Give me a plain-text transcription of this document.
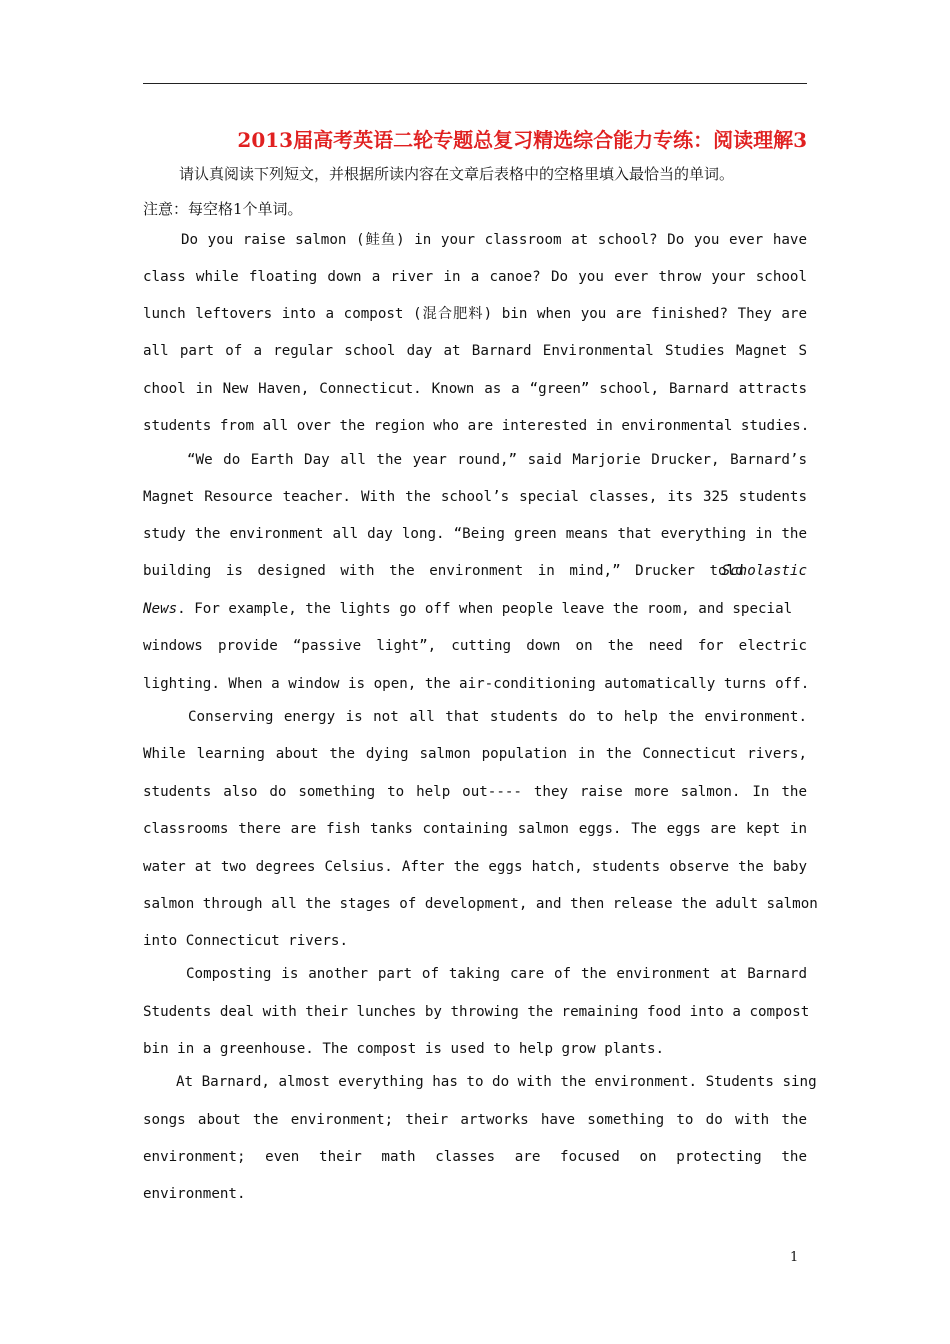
2013届高考英语二轮专题总复习精选综合能力专练：阅读理解3
请认真阅读下列短文，并根据所读内容在文章后表格中的空格里填入最恰当的单词。
注意：每空格1个单词。
Do you raise salmon (鲑鱼) in your classroom at school? Do you ever have
class while floating down a river in a canoe? Do you ever throw your school
lunch leftovers into a compost (混合肥料) bin when you are finished? They are
all part of a regular school day at Barnard Environmental Studies Magnet S
chool in New Haven, Connecticut. Known as a “green” school, Barnard attracts
students from all over the region who are interested in environmental studies.
“We do Earth Day all the year round,” said Marjorie Drucker, Barnard’s
Magnet Resource teacher. With the school’s special classes, its 325 students
study the environment all day long. “Being green means that everything in the
building is designed with the environment in mind,” Drucker told
Scholastic
News. For example, the lights go off when people leave the room, and special
windows provide “passive light”, cutting down on the need for electric
lighting. When a window is open, the air-conditioning automatically turns off.
Conserving energy is not all that students do to help the environment.
While learning about the dying salmon population in the Connecticut rivers,
students also do something to help out---- they raise more salmon. In the
classrooms there are fish tanks containing salmon eggs. The eggs are kept in
water at two degrees Celsius. After the eggs hatch, students observe the baby
salmon through all the stages of development, and then release the adult salmon
into Connecticut rivers.
Composting is another part of taking care of the environment at Barnard
Students deal with their lunches by throwing the remaining food into a compost
bin in a greenhouse. The compost is used to help grow plants.
At Barnard, almost everything has to do with the environment. Students sing
songs about the environment; their artworks have something to do with the
environment; even their math classes are focused on protecting the
environment.
1
